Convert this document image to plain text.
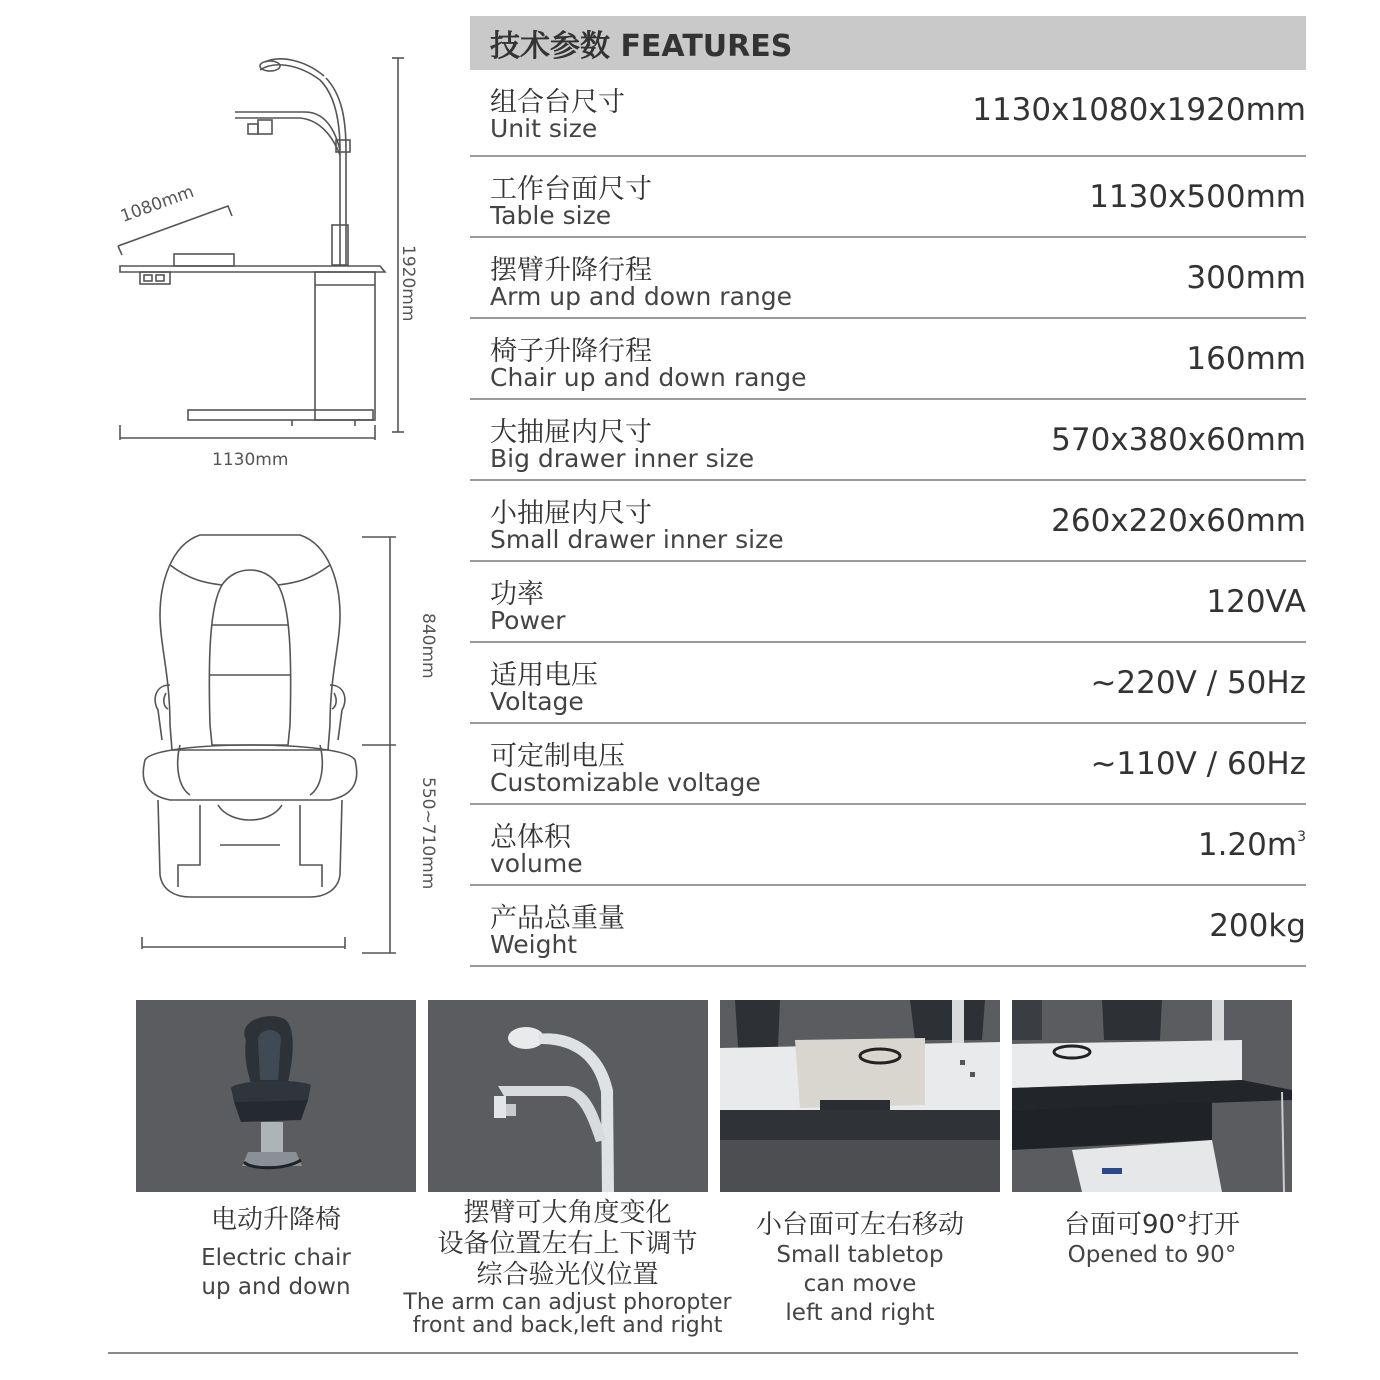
1080mm
1920mm
1130mm
840mm
550~710mm
技术参数 FEATURES
组合台尺寸
Unit size
1130x1080x1920mm
工作台面尺寸
Table size
1130x500mm
摆臂升降行程
Arm up and down range
300mm
椅子升降行程
Chair up and down range
160mm
大抽屉内尺寸
Big drawer inner size
570x380x60mm
小抽屉内尺寸
Small drawer inner size
260x220x60mm
功率
Power
120VA
适用电压
Voltage
~220V / 50Hz
可定制电压
Customizable voltage
~110V / 60Hz
总体积
volume
$1.20m^3$
产品总重量
Weight
200kg
电动升降椅
Electric chair
up and down
摆臂可大角度变化
设备位置左右上下调节
综合验光仪位置
The arm can adjust phoropter
front and back,left and right
小台面可左右移动
Small tabletop
can move
left and right
台面可90°打开
Opened to 90°
